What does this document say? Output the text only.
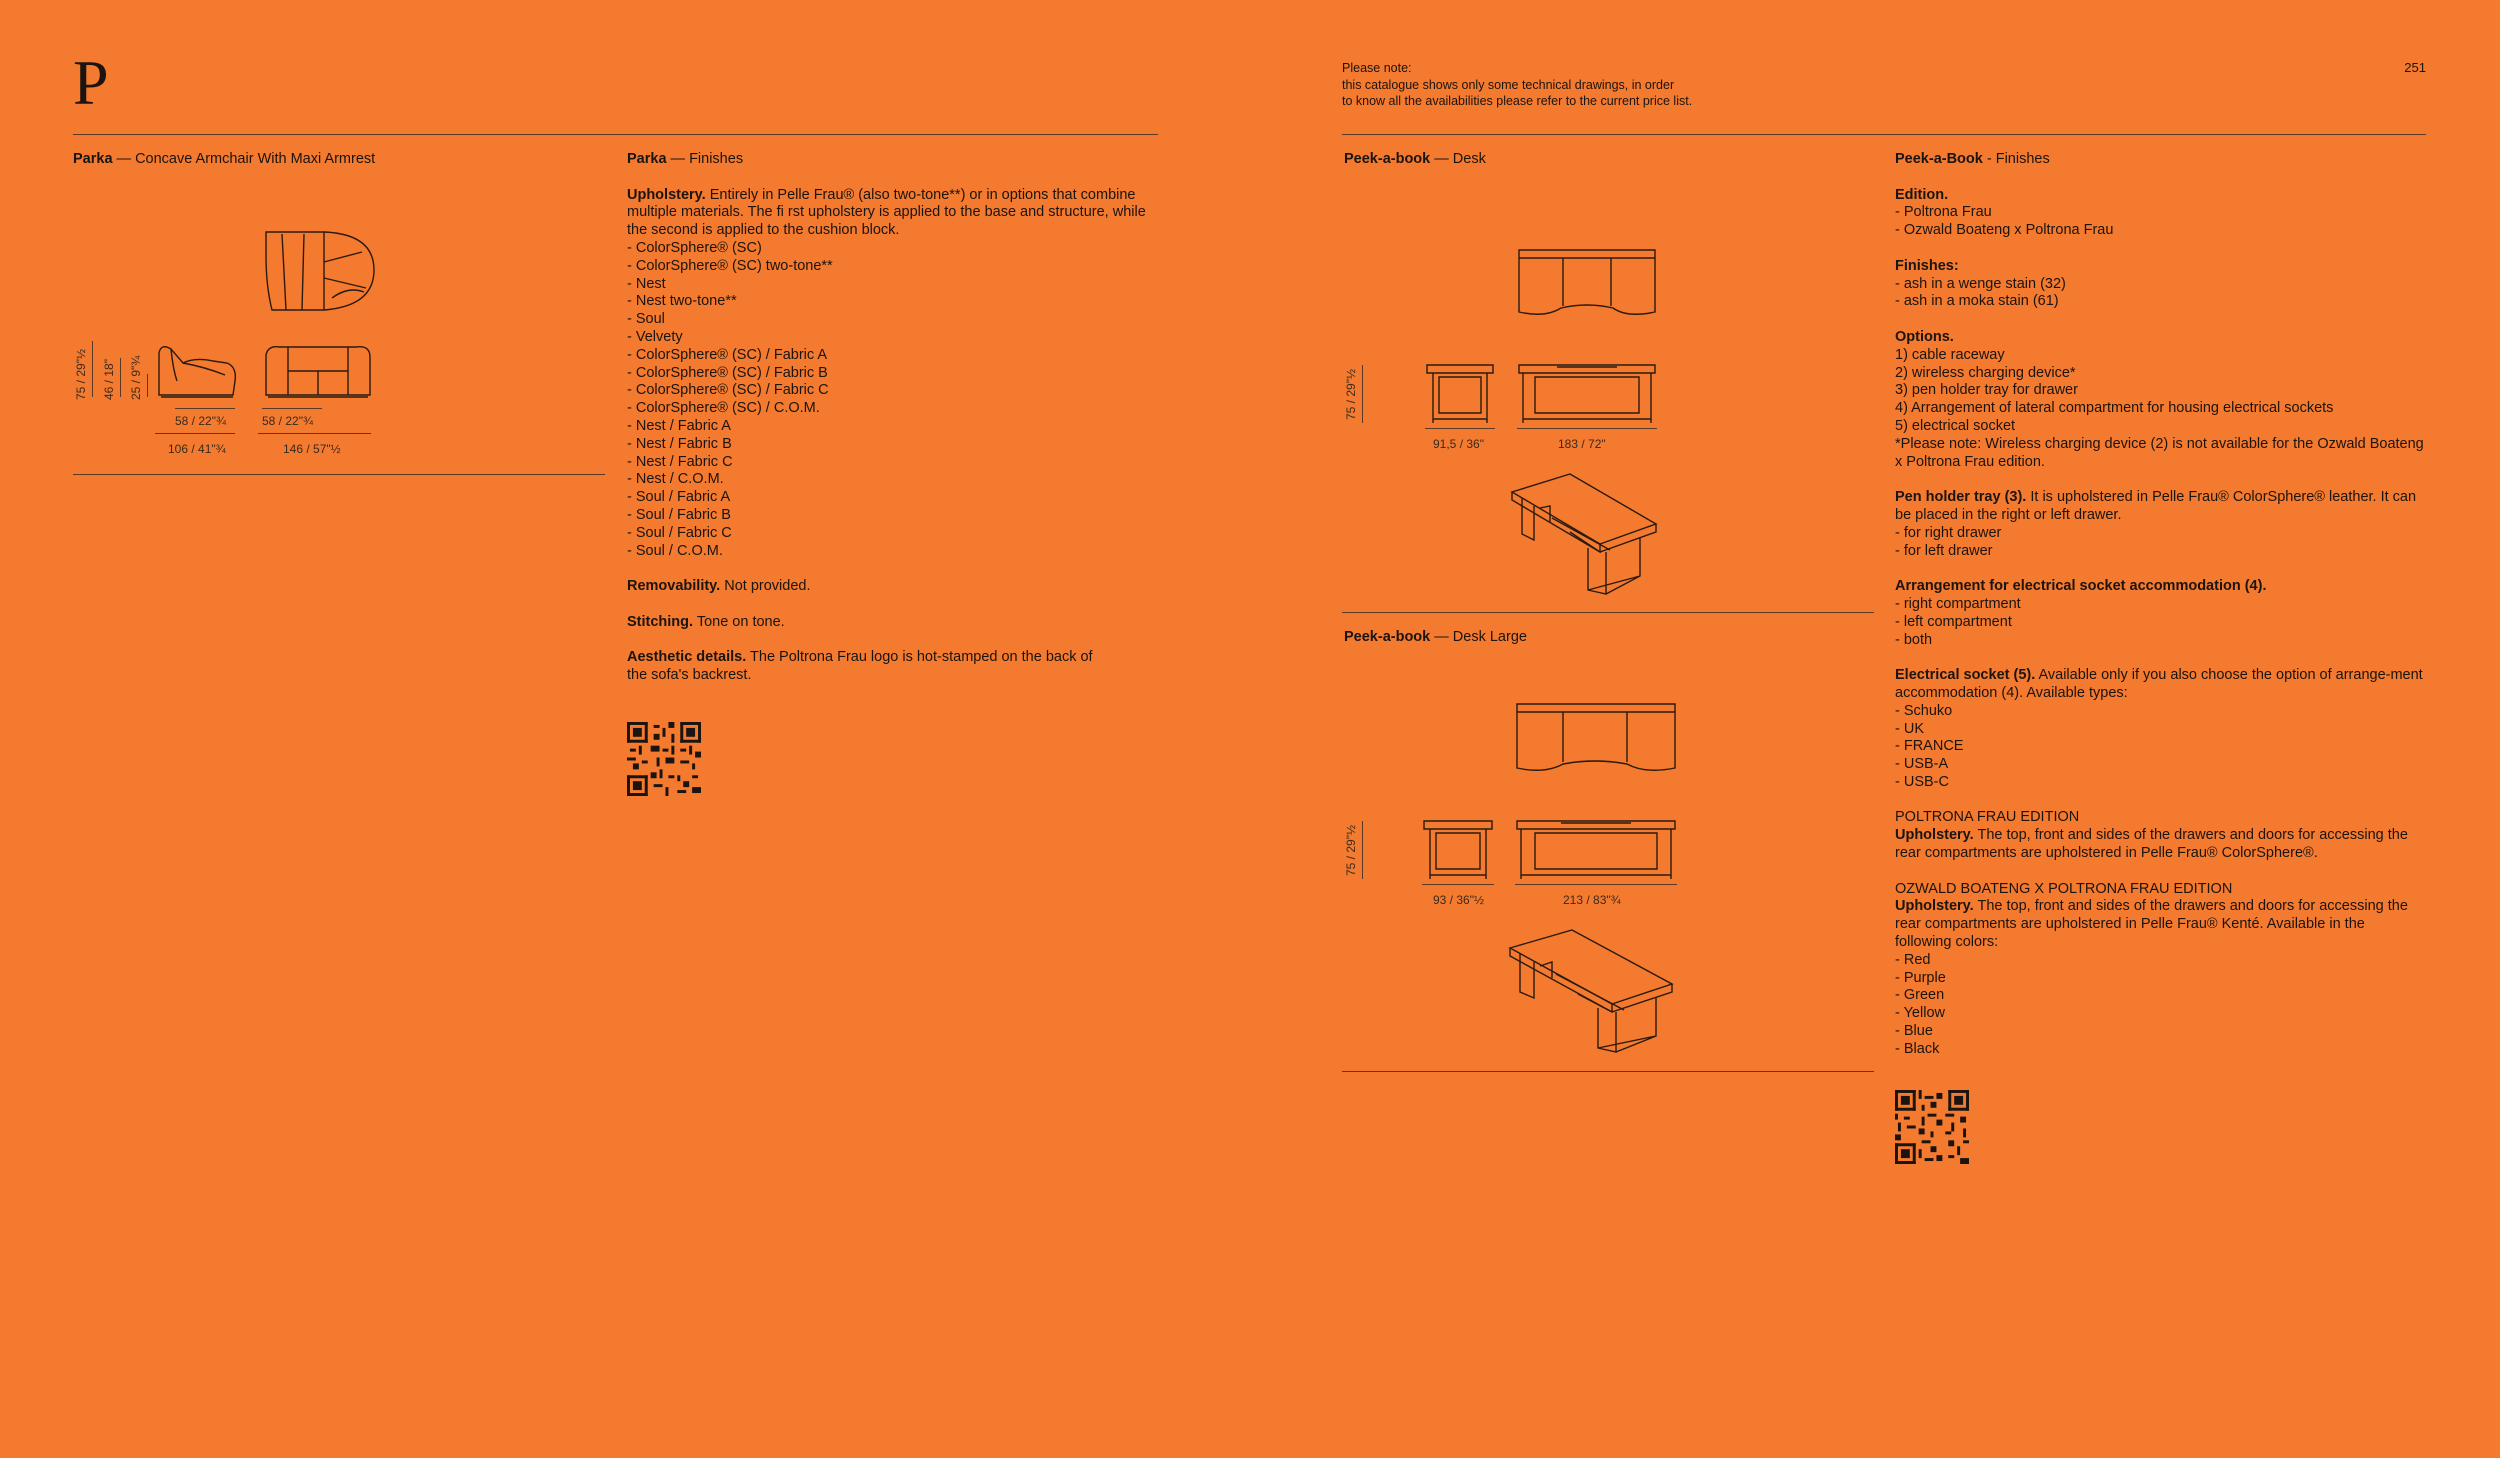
P	Please note:
this catalogue shows only some technical drawings, in order
to know all the availabilities please refer to the current price list.
251
Parka — Concave Armchair With Maxi Armrest
75 / 29"½ 46 / 18" 25 / 9"¾
58 / 22"¾	58 / 22"¾
106 / 41"¾	146 / 57"½

Parka — Finishes

Upholstery. Entirely in Pelle Frau® (also two-tone**) or in options that combine multiple materials. The fi rst upholstery is applied to the base and structure, while the second is applied to the cushion block.

- ColorSphere® (SC)
- ColorSphere® (SC) two-tone**
- Nest
- Nest two-tone**
- Soul
- Velvety
- ColorSphere® (SC) / Fabric A
- ColorSphere® (SC) / Fabric B
- ColorSphere® (SC) / Fabric C
- ColorSphere® (SC) / C.O.M.
- Nest / Fabric A
- Nest / Fabric B
- Nest / Fabric C
- Nest / C.O.M.
- Soul / Fabric A
- Soul / Fabric B
- Soul / Fabric C
- Soul / C.O.M.

Removability. Not provided.

Stitching. Tone on tone.

Aesthetic details. The Poltrona Frau logo is hot-stamped on the back of the sofa's backrest.

Peek-a-book — Desk
75 / 29"½
91,5 / 36"	183 / 72"
Peek-a-book — Desk Large
75 / 29"½
93 / 36"½	213 / 83"¾

Peek-a-Book - Finishes

Edition.

- Poltrona Frau
- Ozwald Boateng x Poltrona Frau

Finishes:

- ash in a wenge stain (32)
- ash in a moka stain (61)

Options.

1) cable raceway
2) wireless charging device*
3) pen holder tray for drawer
4) Arrangement of lateral compartment for housing electrical sockets
5) electrical socket
*Please note: Wireless charging device (2) is not available for the Ozwald Boateng x Poltrona Frau edition.

Pen holder tray (3). It is upholstered in Pelle Frau® ColorSphere® leather. It can be placed in the right or left drawer.

- for right drawer
- for left drawer

Arrangement for electrical socket accommodation (4).

- right compartment
- left compartment
- both

Electrical socket (5). Available only if you also choose the option of arrange-ment accommodation (4). Available types:

- Schuko
- UK
- FRANCE
- USB-A
- USB-C

POLTRONA FRAU EDITION

Upholstery. The top, front and sides of the drawers and doors for accessing the rear compartments are upholstered in Pelle Frau® ColorSphere®.

OZWALD BOATENG X POLTRONA FRAU EDITION

Upholstery. The top, front and sides of the drawers and doors for accessing the rear compartments are upholstered in Pelle Frau® Kenté. Available in the following colors:

- Red
- Purple
- Green
- Yellow
- Blue
- Black
